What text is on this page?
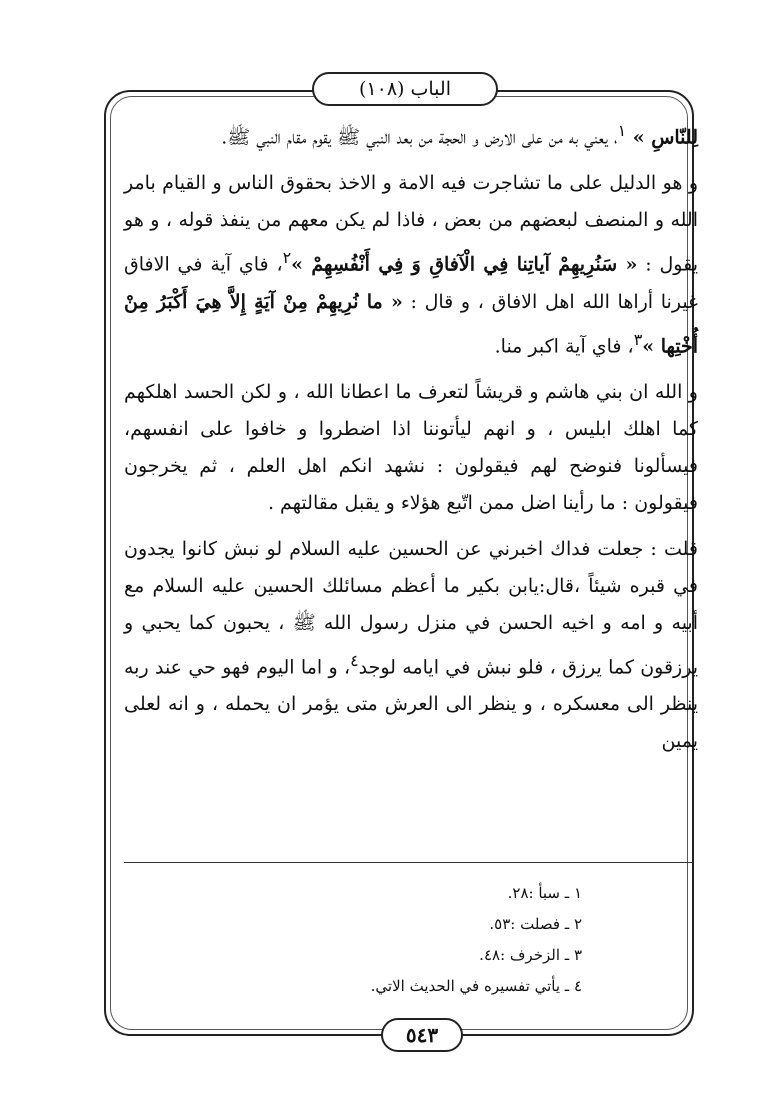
الباب (١٠٨)

لِلنّاسِ » $^١$، يعني به من على الارض و الحجة من بعد النبي ﷺ يقوم مقام النبي ﷺ.

و هو الدليل على ما تشاجرت فيه الامة و الاخذ بحقوق الناس و القيام بامر الله و المنصف لبعضهم من بعض ، فاذا لم يكن معهم من ينفذ قوله ، و هو يقول : « سَنُرِيهِمْ آياتِنا فِي الْآفاقِ وَ فِي أَنْفُسِهِمْ »$^٢$، فاي آية في الافاق غيرنا أراها الله اهل الافاق ، و قال : « ما نُرِيهِمْ مِنْ آيَةٍ إِلاَّ هِيَ أَكْبَرُ مِنْ أُخْتِها »$^٣$، فاي آية اكبر منا.

و الله ان بني هاشم و قريشاً لتعرف ما اعطانا الله ، و لكن الحسد اهلكهم كما اهلك ابليس ، و انهم ليأتوننا اذا اضطروا و خافوا على انفسهم، فيسألونا فنوضح لهم فيقولون : نشهد انكم اهل العلم ، ثم يخرجون فيقولون : ما رأينا اضل ممن اتّبع هؤلاء و يقبل مقالتهم .

قلت : جعلت فداك اخبرني عن الحسين عليه السلام لو نبش كانوا يجدون في قبره شيئاً ،قال:يابن بكير ما أعظم مسائلك الحسين عليه السلام مع أبيه و امه و اخيه الحسن في منزل رسول الله ﷺ ، يحبون كما يحبي و يرزقون كما يرزق ، فلو نبش في ايامه لوجد$^٤$، و اما اليوم فهو حي عند ربه ينظر الى معسكره ، و ينظر الى العرش متى يؤمر ان يحمله ، و انه لعلى يمين

١ ـ سبأ :٢٨.
٢ ـ فصلت :٥٣.
٣ ـ الزخرف :٤٨.
٤ ـ يأتي تفسيره في الحديث الاتي.
٥٤٣
